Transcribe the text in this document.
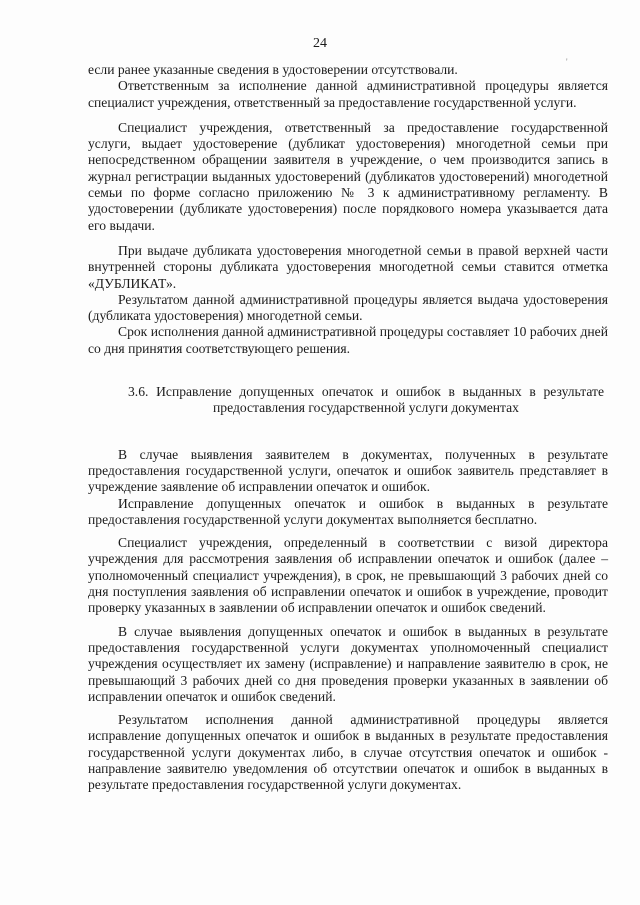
24
'

если ранее указанные сведения в удостоверении отсутствовали.

Ответственным за исполнение данной административной процедуры является специалист учреждения, ответственный за предоставление государственной услуги.

Специалист учреждения, ответственный за предоставление государственной услуги, выдает удостоверение (дубликат удостоверения) многодетной семьи при непосредственном обращении заявителя в учреждение, о чем производится запись в журнал регистрации выданных удостоверений (дубликатов удостоверений) многодетной семьи по форме согласно приложению № 3 к административному регламенту. В удостоверении (дубликате удостоверения) после порядкового номера указывается дата его выдачи.

При выдаче дубликата удостоверения многодетной семьи в правой верхней части внутренней стороны дубликата удостоверения многодетной семьи ставится отметка «ДУБЛИКАТ».

Результатом данной административной процедуры является выдача удостоверения (дубликата удостоверения) многодетной семьи.

Срок исполнения данной административной процедуры составляет 10 рабочих дней со дня принятия соответствующего решения.

3.6. Исправление допущенных опечаток и ошибок в выданных в результате предоставления государственной услуги документах

В случае выявления заявителем в документах, полученных в результате предоставления государственной услуги, опечаток и ошибок заявитель представляет в учреждение заявление об исправлении опечаток и ошибок.

Исправление допущенных опечаток и ошибок в выданных в результате предоставления государственной услуги документах выполняется бесплатно.

Специалист учреждения, определенный в соответствии с визой директора учреждения для рассмотрения заявления об исправлении опечаток и ошибок (далее – уполномоченный специалист учреждения), в срок, не превышающий 3 рабочих дней со дня поступления заявления об исправлении опечаток и ошибок в учреждение, проводит проверку указанных в заявлении об исправлении опечаток и ошибок сведений.

В случае выявления допущенных опечаток и ошибок в выданных в результате предоставления государственной услуги документах уполномоченный специалист учреждения осуществляет их замену (исправление) и направление заявителю в срок, не превышающий 3 рабочих дней со дня проведения проверки указанных в заявлении об исправлении опечаток и ошибок сведений.

Результатом исполнения данной административной процедуры является исправление допущенных опечаток и ошибок в выданных в результате предоставления государственной услуги документах либо, в случае отсутствия опечаток и ошибок - направление заявителю уведомления об отсутствии опечаток и ошибок в выданных в результате предоставления государственной услуги документах.
